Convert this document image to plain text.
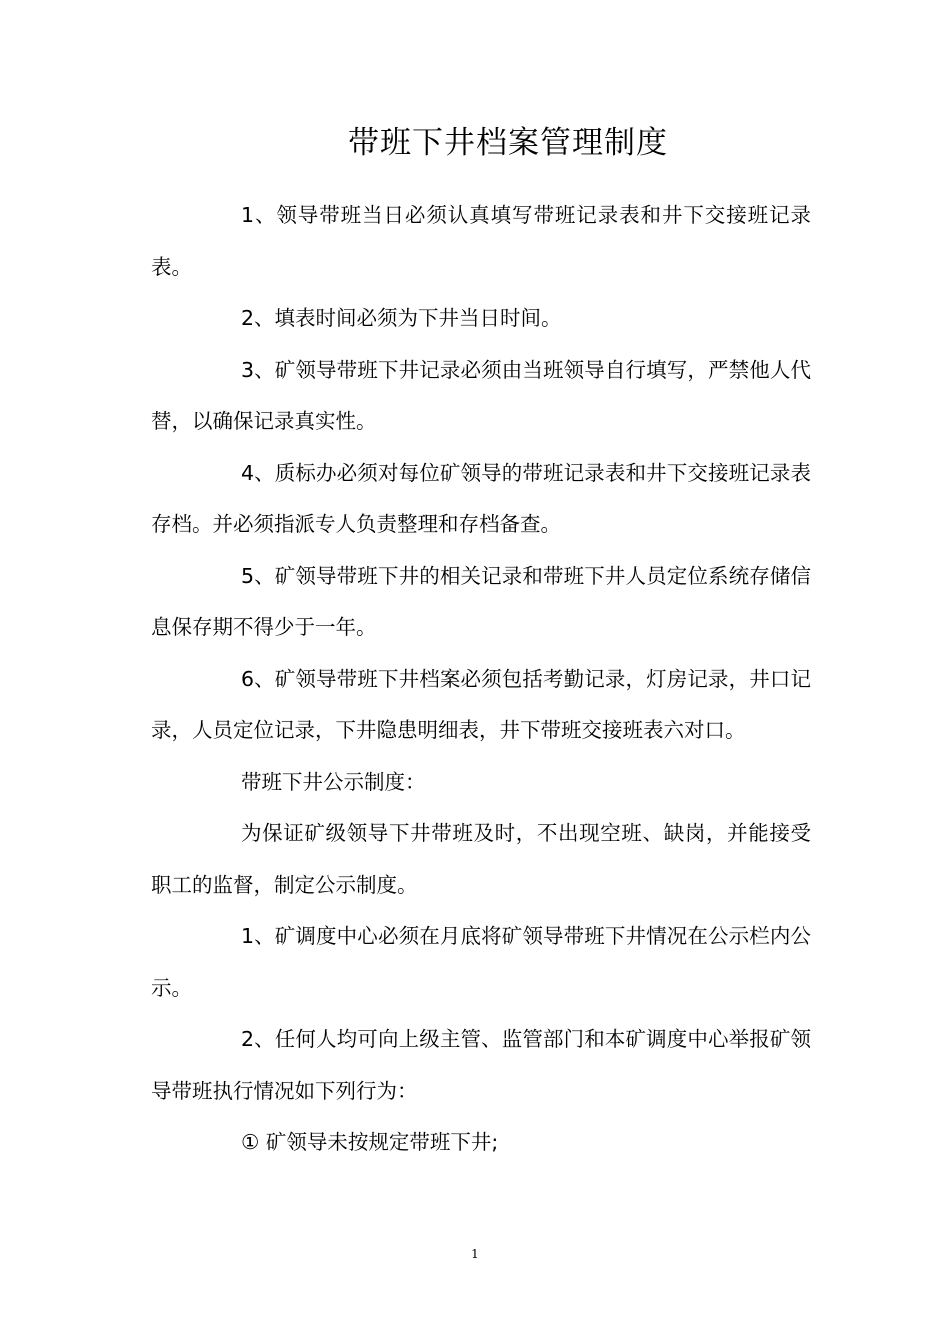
带班下井档案管理制度

1、领导带班当日必须认真填写带班记录表和井下交接班记录表。

2、填表时间必须为下井当日时间。

3、矿领导带班下井记录必须由当班领导自行填写，严禁他人代替，以确保记录真实性。

4、质标办必须对每位矿领导的带班记录表和井下交接班记录表存档。并必须指派专人负责整理和存档备查。

5、矿领导带班下井的相关记录和带班下井人员定位系统存储信息保存期不得少于一年。

6、矿领导带班下井档案必须包括考勤记录，灯房记录，井口记录，人员定位记录，下井隐患明细表，井下带班交接班表六对口。

带班下井公示制度：

为保证矿级领导下井带班及时，不出现空班、缺岗，并能接受职工的监督，制定公示制度。

1、矿调度中心必须在月底将矿领导带班下井情况在公示栏内公示。

2、任何人均可向上级主管、监管部门和本矿调度中心举报矿领导带班执行情况如下列行为：

① 矿领导未按规定带班下井;

1
